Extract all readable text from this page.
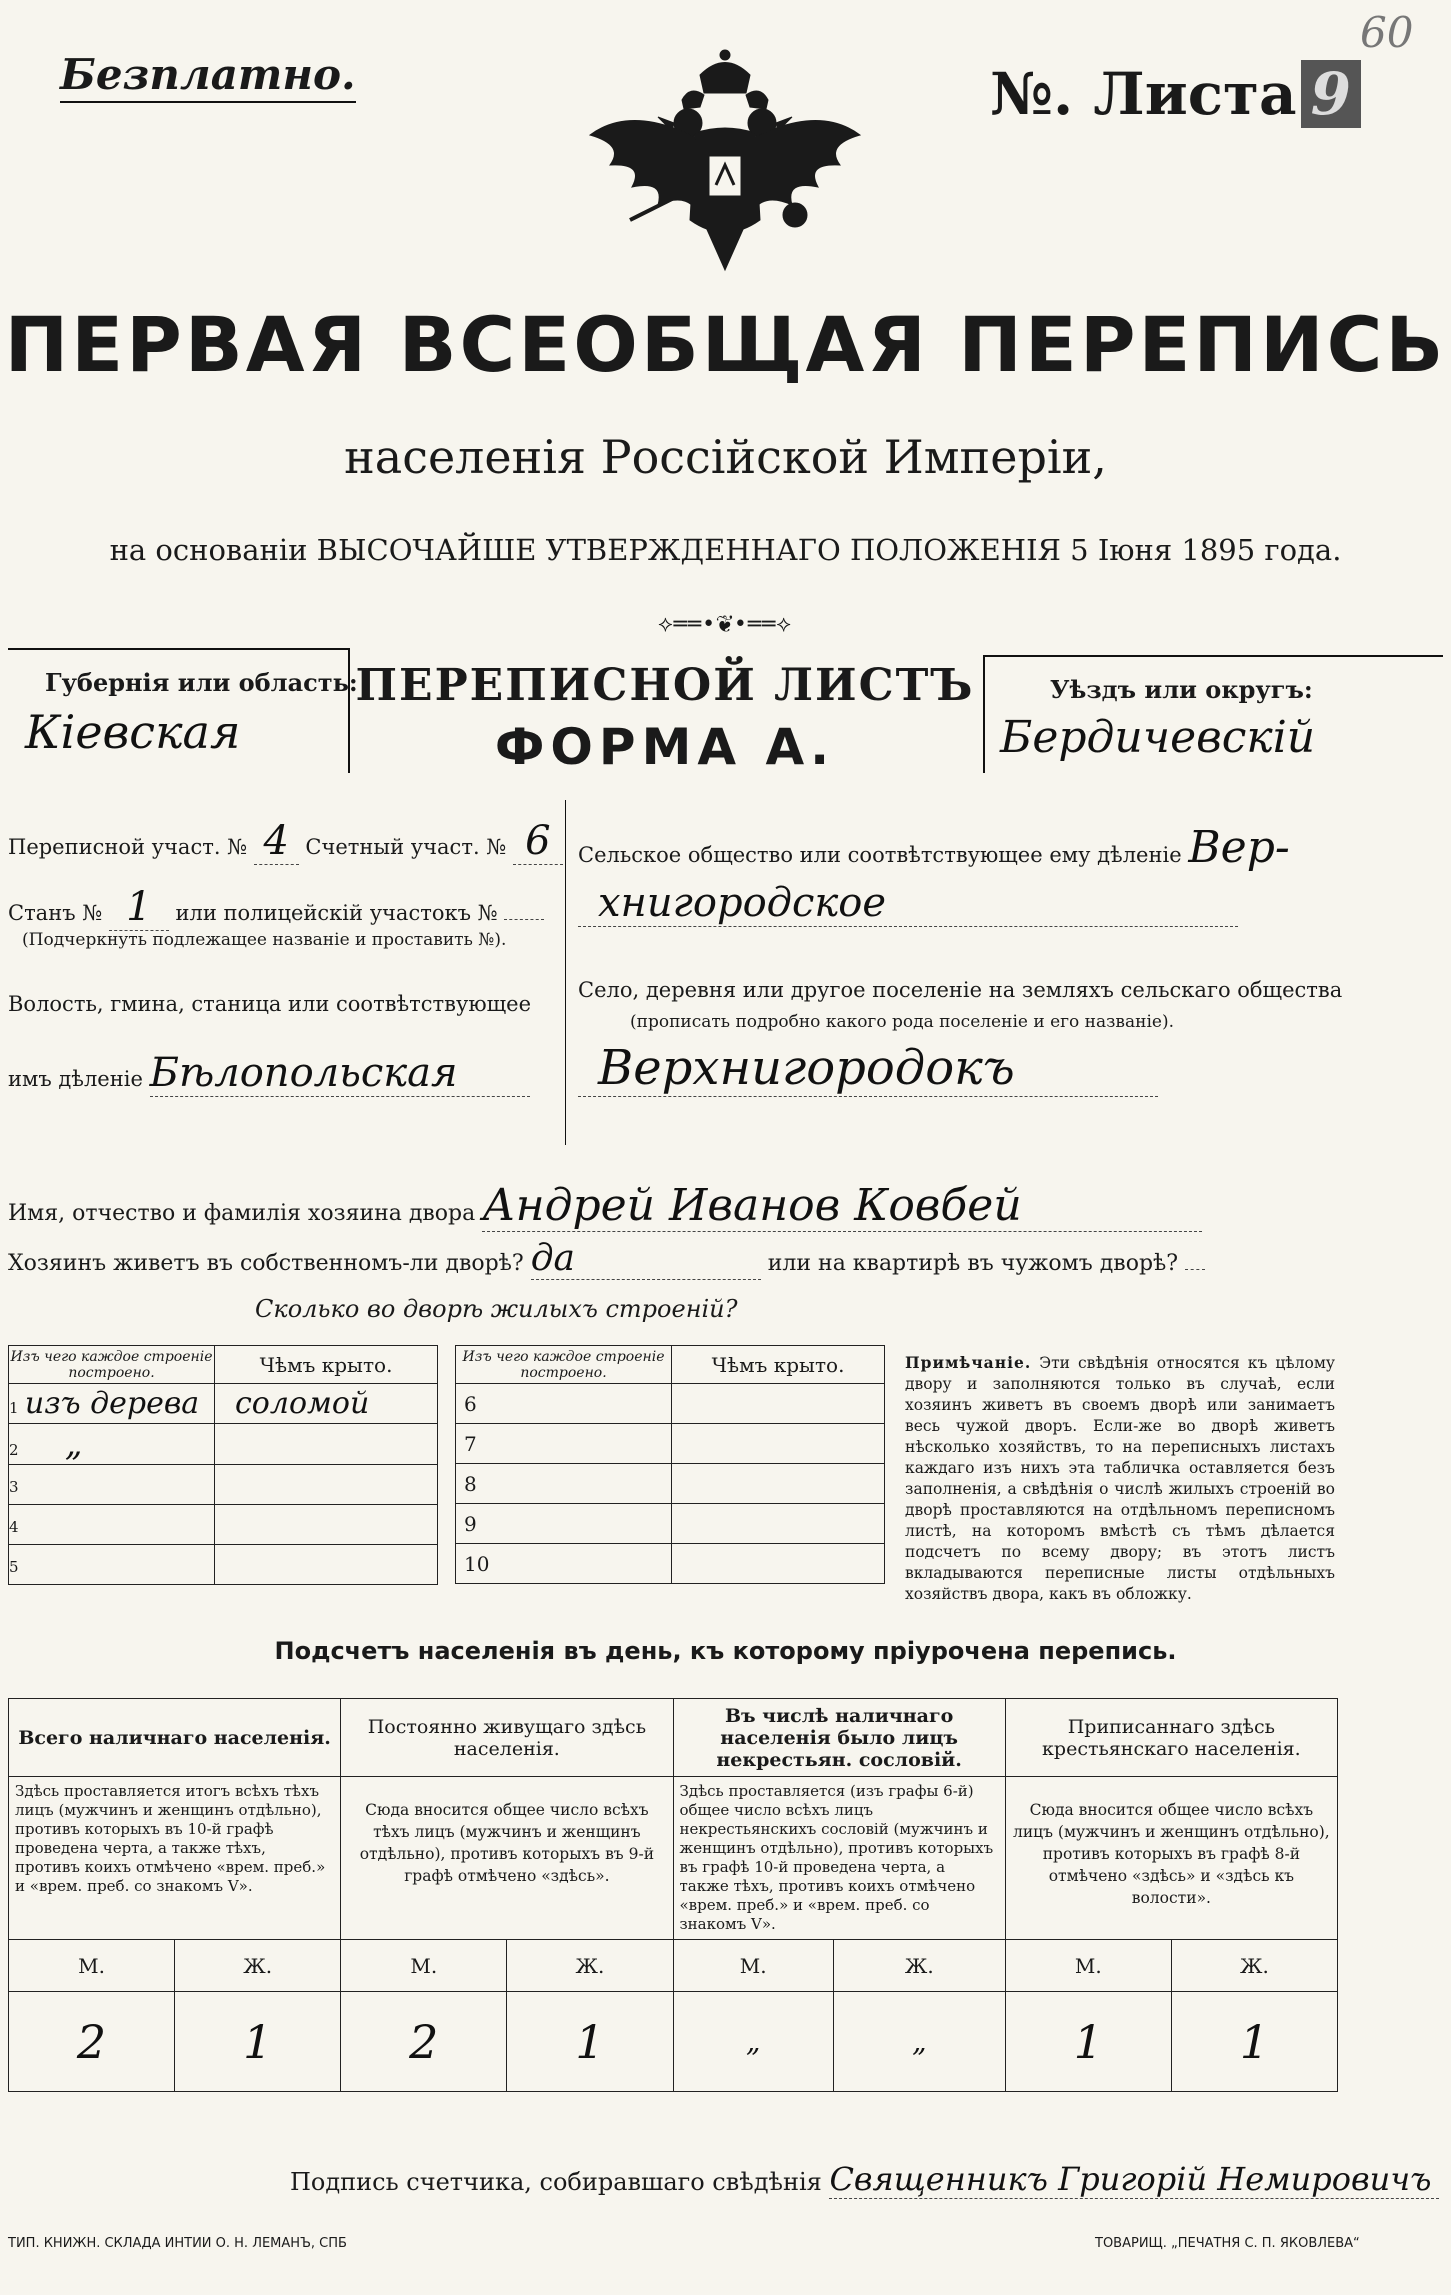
Безплатно.
60
№. Листа 9
ПЕРВАЯ ВСЕОБЩАЯ ПЕРЕПИСЬ
населенія Россійской Имперіи,
на основаніи ВЫСОЧАЙШЕ УТВЕРЖДЕННАГО ПОЛОЖЕНІЯ 5 Іюня 1895 года.
⟡══•❦•══⟡
Губернія или область:
Кіевская
ПЕРЕПИСНОЙ ЛИСТЪ
ФОРМА А.
Уѣздъ или округъ:
Бердичевскій
Переписной участ. № 4 Счетный участ. № 6
Станъ № 1 или полицейскій участокъ №
(Подчеркнуть подлежащее названіе и проставить №).
Волость, гмина, станица или соотвѣтствующее
имъ дѣленіе Бѣлопольская
Сельское общество или соотвѣтствующее ему дѣленіе Вер-
хнигородское
Село, деревня или другое поселеніе на земляхъ сельскаго общества
(прописать подробно какого рода поселеніе и его названіе).
Верхнигородокъ
Имя, отчество и фамилія хозяина двора Андрей Иванов Ковбей
Хозяинъ живетъ въ собственномъ-ли дворѣ? да	или на квартирѣ въ чужомъ дворѣ?
Сколько во дворѣ жилыхъ строеній?
Изъ чего каждое строеніе построено.	Чѣмъ крыто.
1 изъ дерева	соломой
2 „	
3	
4	
5	
Изъ чего каждое строеніе построено.	Чѣмъ крыто.
6	
7	
8	
9	
10	
Примѣчаніе. Эти свѣдѣнія относятся къ цѣлому двору и заполняются только въ случаѣ, если хозяинъ живетъ въ своемъ дворѣ или занимаетъ весь чужой дворъ. Если-же во дворѣ живетъ нѣсколько хозяйствъ, то на переписныхъ листахъ каждаго изъ нихъ эта табличка оставляется безъ заполненія, а свѣдѣнія о числѣ жилыхъ строеній во дворѣ проставляются на отдѣльномъ переписномъ листѣ, на которомъ вмѣстѣ съ тѣмъ дѣлается подсчетъ по всему двору; въ этотъ листъ вкладываются переписные листы отдѣльныхъ хозяйствъ двора, какъ въ обложку.
Подсчетъ населенія въ день, къ которому пріурочена перепись.
Всего наличнаго населенія.		Постоянно живущаго здѣсь населенія.		Въ числѣ наличнаго населенія было лицъ некрестьян. сословій.		Приписаннаго здѣсь крестьянскаго населенія.	
Здѣсь проставляется итогъ всѣхъ тѣхъ лицъ (мужчинъ и женщинъ отдѣльно), противъ которыхъ въ 10-й графѣ проведена черта, а также тѣхъ, противъ коихъ отмѣчено «врем. преб.» и «врем. преб. со знакомъ V».		Сюда вносится общее число всѣхъ тѣхъ лицъ (мужчинъ и женщинъ отдѣльно), противъ которыхъ въ 9-й графѣ отмѣчено «здѣсь».		Здѣсь проставляется (изъ графы 6-й) общее число всѣхъ лицъ некрестьянскихъ сословій (мужчинъ и женщинъ отдѣльно), противъ которыхъ въ графѣ 10-й проведена черта, а также тѣхъ, противъ коихъ отмѣчено «врем. преб.» и «врем. преб. со знакомъ V».		Сюда вносится общее число всѣхъ лицъ (мужчинъ и женщинъ отдѣльно), противъ которыхъ въ графѣ 8-й отмѣчено «здѣсь» и «здѣсь къ волости».	
М.	Ж.	М.	Ж.	М.	Ж.	М.	Ж.
2	1	2	1	„	„	1	1
Подпись счетчика, собиравшаго свѣдѣнія Священникъ Григорій Немировичъ
ТИП. КНИЖН. СКЛАДА ИНТИИ О. Н. ЛЕМАНЪ, СПБ	ТОВАРИЩ. „ПЕЧАТНЯ С. П. ЯКОВЛЕВА“
